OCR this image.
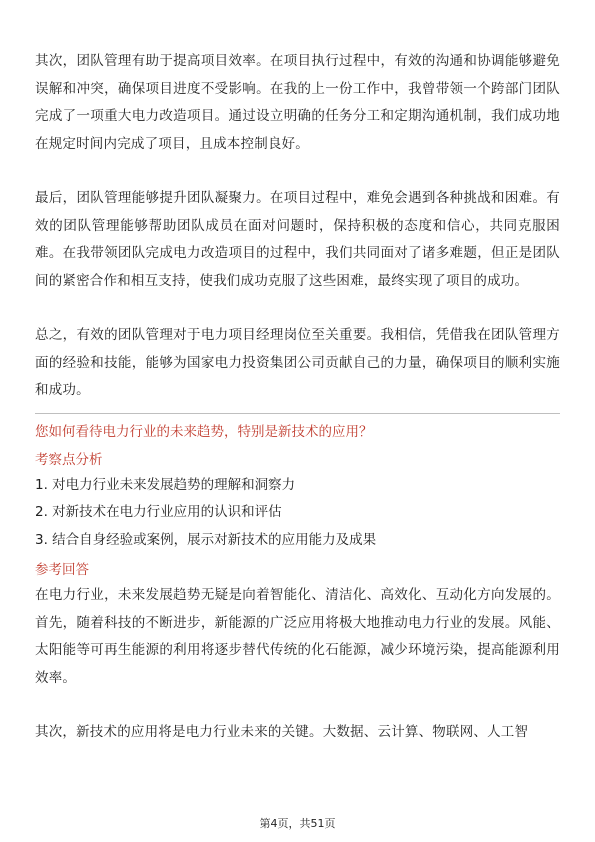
其次，团队管理有助于提高项目效率。在项目执行过程中，有效的沟通和协调能够避免误解和冲突，确保项目进度不受影响。在我的上一份工作中，我曾带领一个跨部门团队完成了一项重大电力改造项目。通过设立明确的任务分工和定期沟通机制，我们成功地在规定时间内完成了项目，且成本控制良好。

最后，团队管理能够提升团队凝聚力。在项目过程中，难免会遇到各种挑战和困难。有效的团队管理能够帮助团队成员在面对问题时，保持积极的态度和信心，共同克服困难。在我带领团队完成电力改造项目的过程中，我们共同面对了诸多难题，但正是团队间的紧密合作和相互支持，使我们成功克服了这些困难，最终实现了项目的成功。

总之，有效的团队管理对于电力项目经理岗位至关重要。我相信，凭借我在团队管理方面的经验和技能，能够为国家电力投资集团公司贡献自己的力量，确保项目的顺利实施和成功。

您如何看待电力行业的未来趋势，特别是新技术的应用？

考察点分析

1. 对电力行业未来发展趋势的理解和洞察力

2. 对新技术在电力行业应用的认识和评估

3. 结合自身经验或案例，展示对新技术的应用能力及成果

参考回答

在电力行业，未来发展趋势无疑是向着智能化、清洁化、高效化、互动化方向发展的。首先，随着科技的不断进步，新能源的广泛应用将极大地推动电力行业的发展。风能、太阳能等可再生能源的利用将逐步替代传统的化石能源，减少环境污染，提高能源利用效率。

其次，新技术的应用将是电力行业未来的关键。大数据、云计算、物联网、人工智

第4页，共51页
